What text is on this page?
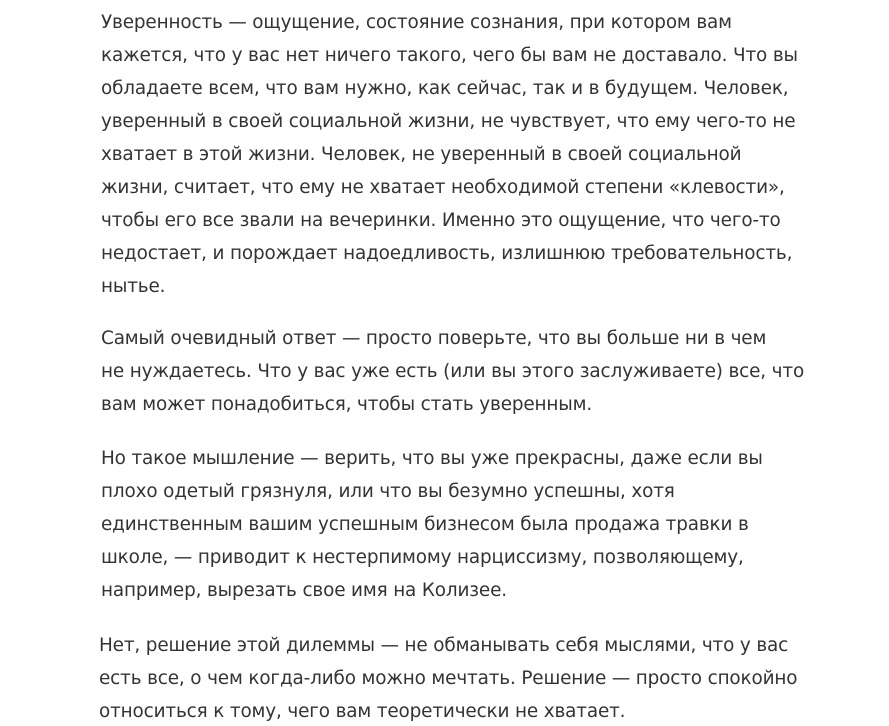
Уверенность — ощущение, состояние сознания, при котором вам
кажется, что у вас нет ничего такого, чего бы вам не доставало. Что вы
обладаете всем, что вам нужно, как сейчас, так и в будущем. Человек,
уверенный в своей социальной жизни, не чувствует, что ему чего-то не
хватает в этой жизни. Человек, не уверенный в своей социальной
жизни, считает, что ему не хватает необходимой степени «клевости»,
чтобы его все звали на вечеринки. Именно это ощущение, что чего-то
недостает, и порождает надоедливость, излишнюю требовательность,
нытье.

Самый очевидный ответ — просто поверьте, что вы больше ни в чем
не нуждаетесь. Что у вас уже есть (или вы этого заслуживаете) все, что
вам может понадобиться, чтобы стать уверенным.

Но такое мышление — верить, что вы уже прекрасны, даже если вы
плохо одетый грязнуля, или что вы безумно успешны, хотя
единственным вашим успешным бизнесом была продажа травки в
школе, — приводит к нестерпимому нарциссизму, позволяющему,
например, вырезать свое имя на Колизее.

Нет, решение этой дилеммы — не обманывать себя мыслями, что у вас
есть все, о чем когда-либо можно мечтать. Решение — просто спокойно
относиться к тому, чего вам теоретически не хватает.
